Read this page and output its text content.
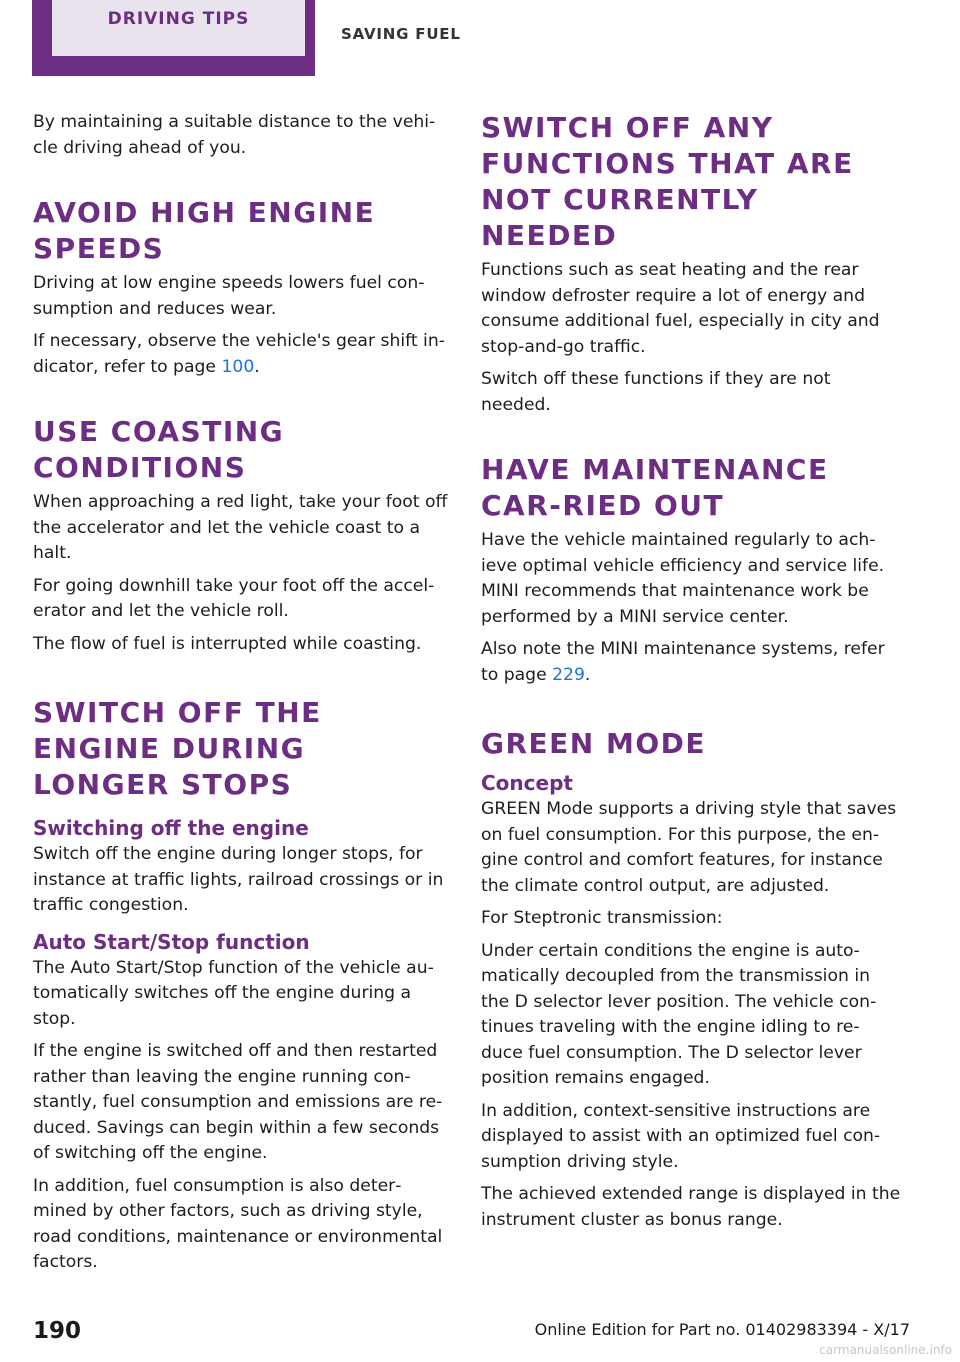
DRIVING TIPS
SAVING FUEL

By maintaining a suitable distance to the vehi‐cle driving ahead of you.

AVOID HIGH ENGINE SPEEDS

Driving at low engine speeds lowers fuel con‐sumption and reduces wear.

If necessary, observe the vehicle's gear shift in‐dicator, refer to page 100.

USE COASTING CONDITIONS

When approaching a red light, take your foot off the accelerator and let the vehicle coast to a halt.

For going downhill take your foot off the accel‐erator and let the vehicle roll.

The flow of fuel is interrupted while coasting.

SWITCH OFF THE ENGINE DURING LONGER STOPS
Switching off the engine

Switch off the engine during longer stops, for instance at traffic lights, railroad crossings or in traffic congestion.

Auto Start/Stop function

The Auto Start/Stop function of the vehicle au‐tomatically switches off the engine during a stop.

If the engine is switched off and then restarted rather than leaving the engine running con‐stantly, fuel consumption and emissions are re‐duced. Savings can begin within a few seconds of switching off the engine.

In addition, fuel consumption is also deter‐mined by other factors, such as driving style, road conditions, maintenance or environmental factors.

SWITCH OFF ANY FUNCTIONS THAT ARE NOT CURRENTLY NEEDED

Functions such as seat heating and the rear window defroster require a lot of energy and consume additional fuel, especially in city and stop-and-go traffic.

Switch off these functions if they are not needed.

HAVE MAINTENANCE CAR‐RIED OUT

Have the vehicle maintained regularly to ach‐ieve optimal vehicle efficiency and service life. MINI recommends that maintenance work be performed by a MINI service center.

Also note the MINI maintenance systems, refer to page 229.

GREEN MODE
Concept

GREEN Mode supports a driving style that saves on fuel consumption. For this purpose, the en‐gine control and comfort features, for instance the climate control output, are adjusted.

For Steptronic transmission:

Under certain conditions the engine is auto‐matically decoupled from the transmission in the D selector lever position. The vehicle con‐tinues traveling with the engine idling to re‐duce fuel consumption. The D selector lever position remains engaged.

In addition, context-sensitive instructions are displayed to assist with an optimized fuel con‐sumption driving style.

The achieved extended range is displayed in the instrument cluster as bonus range.

190	Online Edition for Part no. 01402983394 - X/17
carmanualsonline.info
